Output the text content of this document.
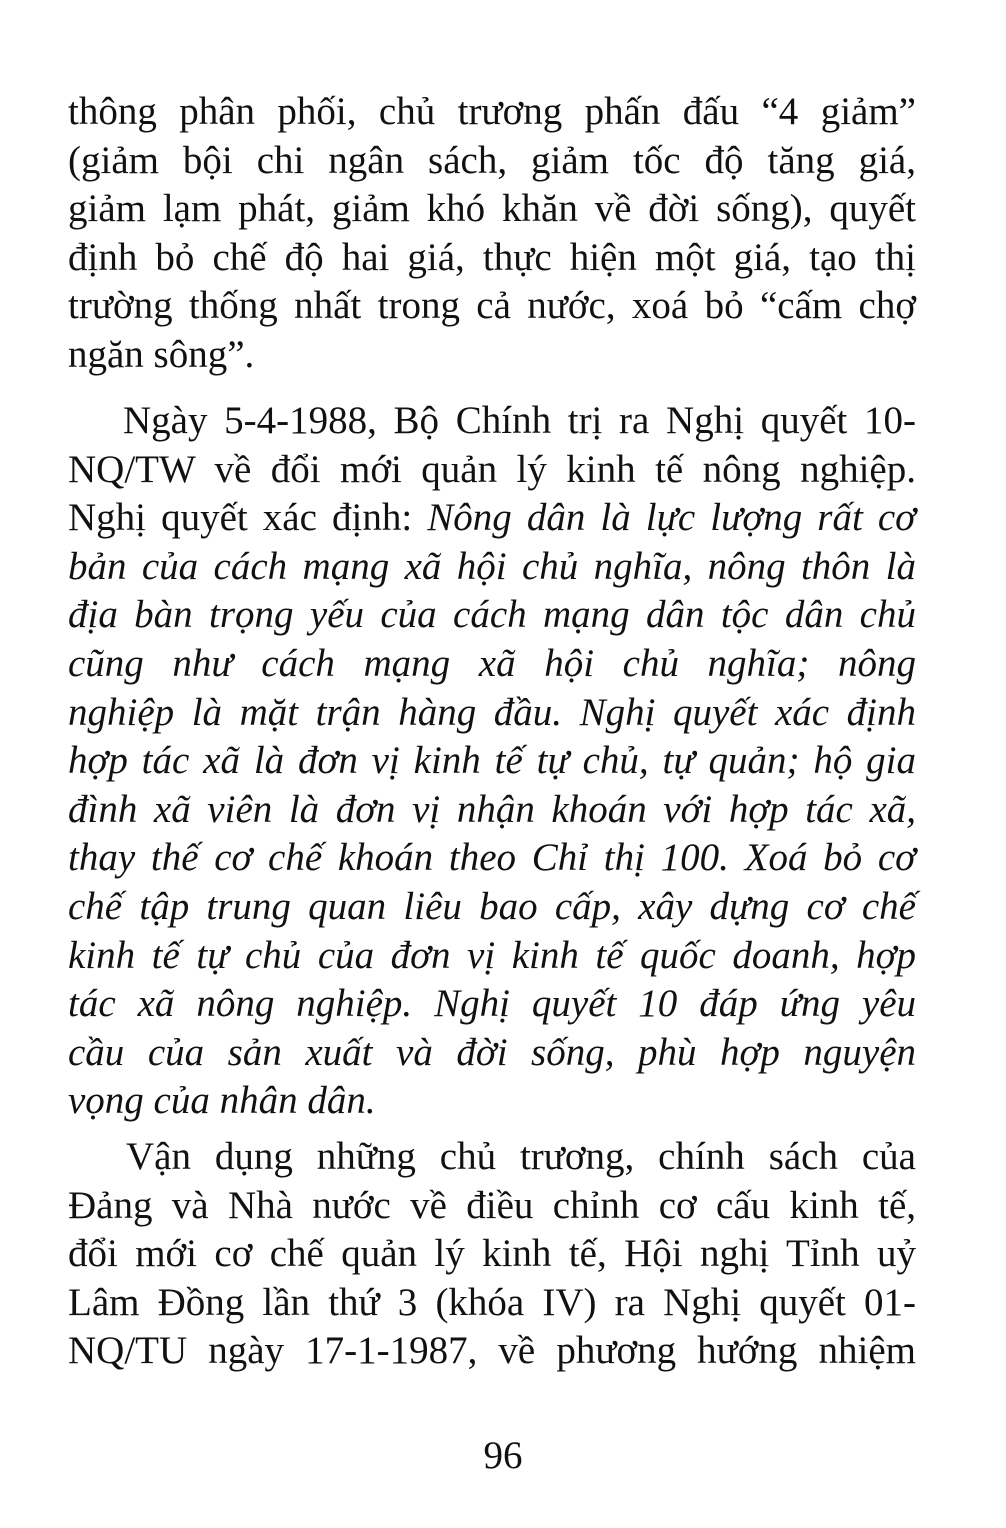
thông phân phối, chủ trương phấn đấu “4 giảm”
(giảm bội chi ngân sách, giảm tốc độ tăng giá,
giảm lạm phát, giảm khó khăn về đời sống), quyết
định bỏ chế độ hai giá, thực hiện một giá, tạo thị
trường thống nhất trong cả nước, xoá bỏ “cấm chợ
ngăn sông”.
Ngày 5-4-1988, Bộ Chính trị ra Nghị quyết 10-
NQ/TW về đổi mới quản lý kinh tế nông nghiệp.
Nghị quyết xác định: Nông dân là lực lượng rất cơ
bản của cách mạng xã hội chủ nghĩa, nông thôn là
địa bàn trọng yếu của cách mạng dân tộc dân chủ
cũng như cách mạng xã hội chủ nghĩa; nông
nghiệp là mặt trận hàng đầu. Nghị quyết xác định
hợp tác xã là đơn vị kinh tế tự chủ, tự quản; hộ gia
đình xã viên là đơn vị nhận khoán với hợp tác xã,
thay thế cơ chế khoán theo Chỉ thị 100. Xoá bỏ cơ
chế tập trung quan liêu bao cấp, xây dựng cơ chế
kinh tế tự chủ của đơn vị kinh tế quốc doanh, hợp
tác xã nông nghiệp. Nghị quyết 10 đáp ứng yêu
cầu của sản xuất và đời sống, phù hợp nguyện
vọng của nhân dân.
Vận dụng những chủ trương, chính sách của
Đảng và Nhà nước về điều chỉnh cơ cấu kinh tế,
đổi mới cơ chế quản lý kinh tế, Hội nghị Tỉnh uỷ
Lâm Đồng lần thứ 3 (khóa IV) ra Nghị quyết 01-
NQ/TU ngày 17-1-1987, về phương hướng nhiệm
96
